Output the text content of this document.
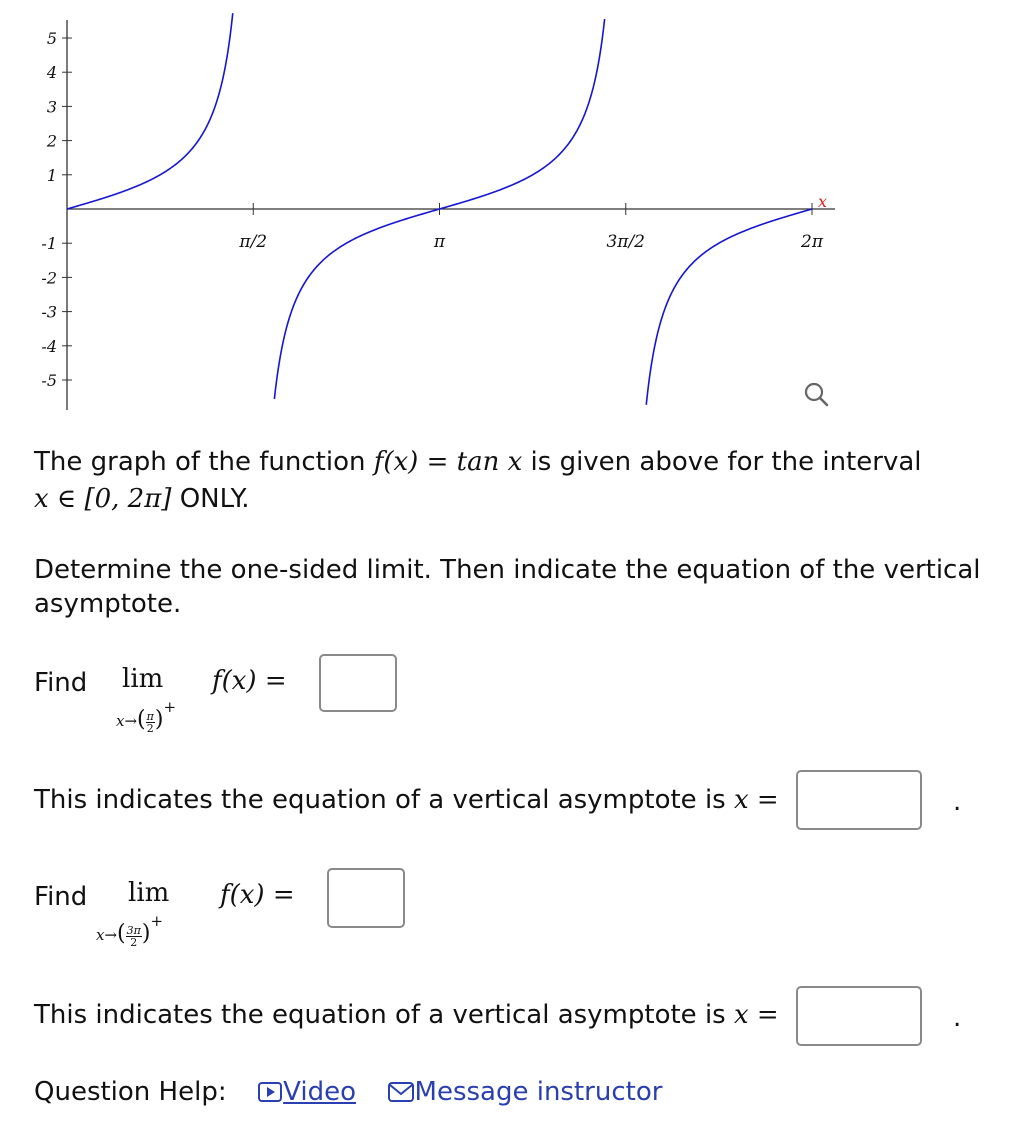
5
4
3
2
1
-1
-2
-3
-4
-5
π/2	π	3π/2	2π
x
The graph of the function f(x) = tan x is given above for the interval
x ∈ [0, 2π] ONLY.
Determine the one-sided limit. Then indicate the equation of the vertical
asymptote.
Find lim
$x\to( \frac{\pi}{2} )^+$
f(x) =
This indicates the equation of a vertical asymptote is x =	.
Find lim
$x\to( \frac{3\pi}{2} )^+$
f(x) =
This indicates the equation of a vertical asymptote is x =	.
Question Help: Video Message instructor
